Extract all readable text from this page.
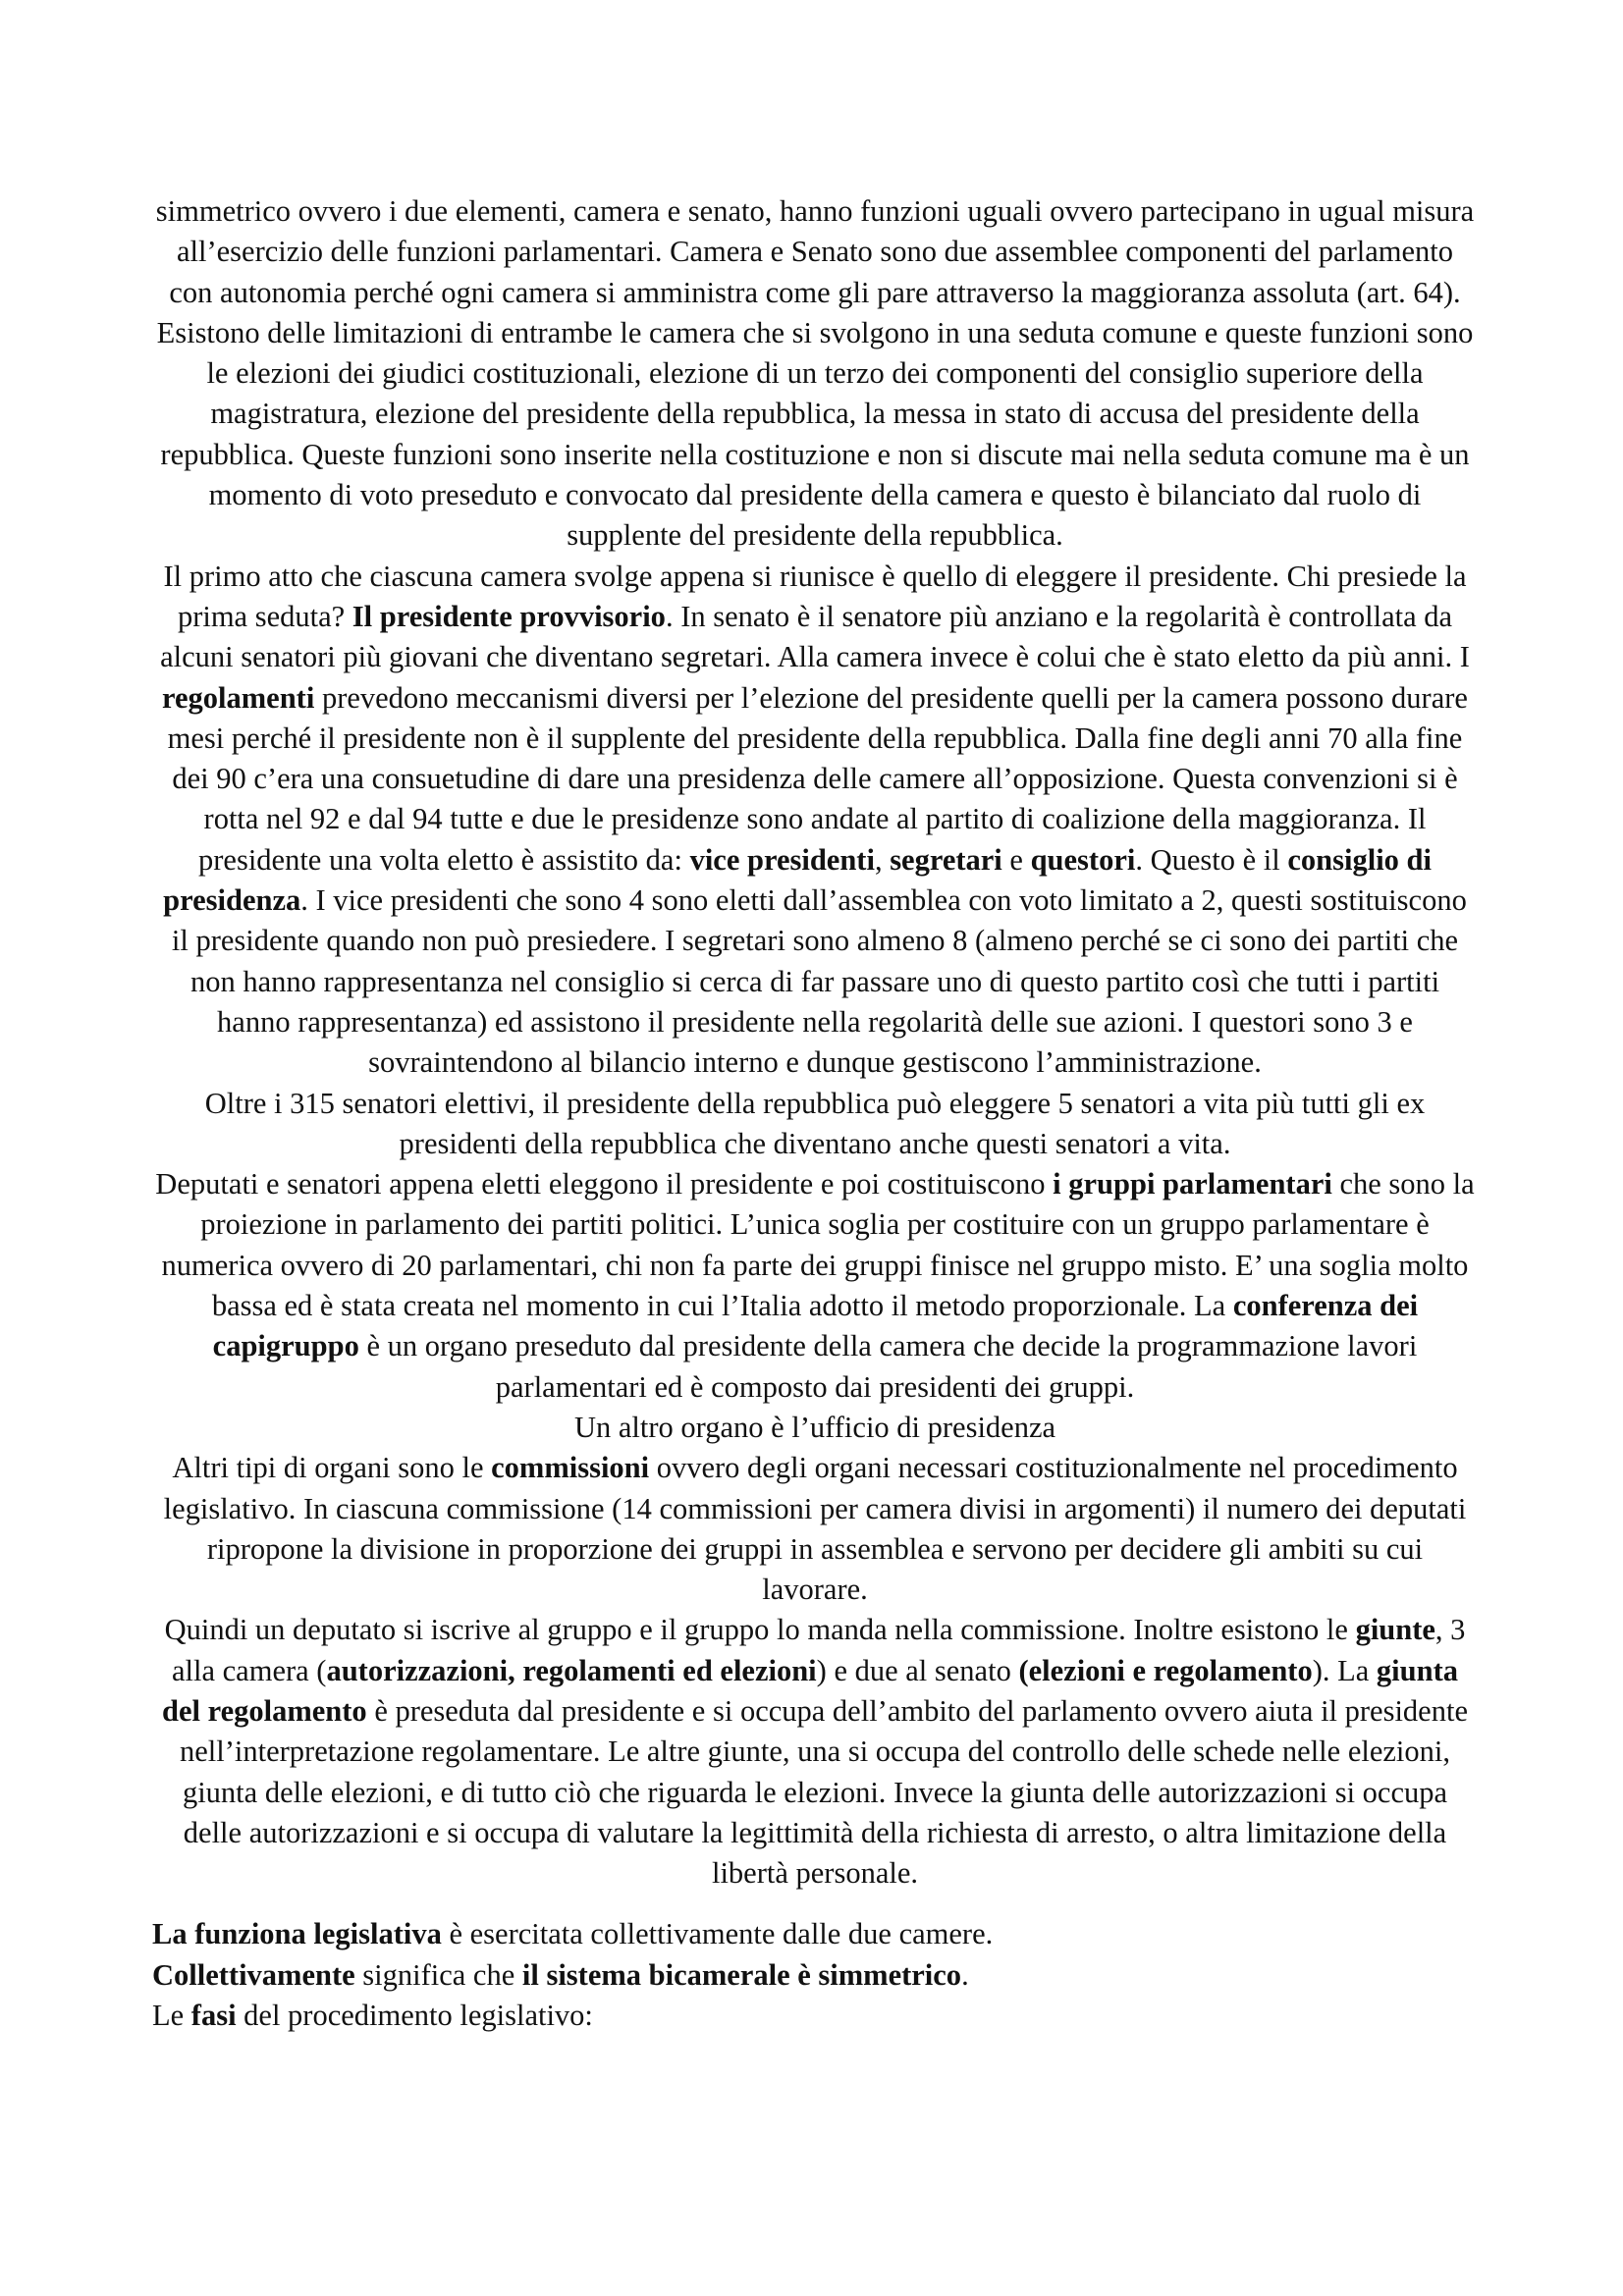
simmetrico ovvero i due elementi, camera e senato, hanno funzioni uguali ovvero partecipano in ugual misura all’esercizio delle funzioni parlamentari. Camera e Senato sono due assemblee componenti del parlamento con autonomia perché ogni camera si amministra come gli pare attraverso la maggioranza assoluta (art. 64). Esistono delle limitazioni di entrambe le camera che si svolgono in una seduta comune e queste funzioni sono le elezioni dei giudici costituzionali, elezione di un terzo dei componenti del consiglio superiore della magistratura, elezione del presidente della repubblica, la messa in stato di accusa del presidente della repubblica. Queste funzioni sono inserite nella costituzione e non si discute mai nella seduta comune ma è un momento di voto preseduto e convocato dal presidente della camera e questo è bilanciato dal ruolo di supplente del presidente della repubblica.

Il primo atto che ciascuna camera svolge appena si riunisce è quello di eleggere il presidente. Chi presiede la prima seduta? Il presidente provvisorio. In senato è il senatore più anziano e la regolarità è controllata da alcuni senatori più giovani che diventano segretari. Alla camera invece è colui che è stato eletto da più anni. I regolamenti prevedono meccanismi diversi per l’elezione del presidente quelli per la camera possono durare mesi perché il presidente non è il supplente del presidente della repubblica. Dalla fine degli anni 70 alla fine dei 90 c’era una consuetudine di dare una presidenza delle camere all’opposizione. Questa convenzioni si è rotta nel 92 e dal 94 tutte e due le presidenze sono andate al partito di coalizione della maggioranza. Il presidente una volta eletto è assistito da: vice presidenti, segretari e questori. Questo è il consiglio di presidenza. I vice presidenti che sono 4 sono eletti dall’assemblea con voto limitato a 2, questi sostituiscono il presidente quando non può presiedere. I segretari sono almeno 8 (almeno perché se ci sono dei partiti che non hanno rappresentanza nel consiglio si cerca di far passare uno di questo partito così che tutti i partiti hanno rappresentanza) ed assistono il presidente nella regolarità delle sue azioni. I questori sono 3 e sovraintendono al bilancio interno e dunque gestiscono l’amministrazione.

Oltre i 315 senatori elettivi, il presidente della repubblica può eleggere 5 senatori a vita più tutti gli ex presidenti della repubblica che diventano anche questi senatori a vita.

Deputati e senatori appena eletti eleggono il presidente e poi costituiscono i gruppi parlamentari che sono la proiezione in parlamento dei partiti politici. L’unica soglia per costituire con un gruppo parlamentare è numerica ovvero di 20 parlamentari, chi non fa parte dei gruppi finisce nel gruppo misto. E’ una soglia molto bassa ed è stata creata nel momento in cui l’Italia adotto il metodo proporzionale. La conferenza dei capigruppo è un organo preseduto dal presidente della camera che decide la programmazione lavori parlamentari ed è composto dai presidenti dei gruppi.

Un altro organo è l’ufficio di presidenza

Altri tipi di organi sono le commissioni ovvero degli organi necessari costituzionalmente nel procedimento legislativo. In ciascuna commissione (14 commissioni per camera divisi in argomenti) il numero dei deputati ripropone la divisione in proporzione dei gruppi in assemblea e servono per decidere gli ambiti su cui lavorare.

Quindi un deputato si iscrive al gruppo e il gruppo lo manda nella commissione. Inoltre esistono le giunte, 3 alla camera (autorizzazioni, regolamenti ed elezioni) e due al senato (elezioni e regolamento). La giunta del regolamento è preseduta dal presidente e si occupa dell’ambito del parlamento ovvero aiuta il presidente nell’interpretazione regolamentare. Le altre giunte, una si occupa del controllo delle schede nelle elezioni, giunta delle elezioni, e di tutto ciò che riguarda le elezioni. Invece la giunta delle autorizzazioni si occupa delle autorizzazioni e si occupa di valutare la legittimità della richiesta di arresto, o altra limitazione della libertà personale.

La funziona legislativa è esercitata collettivamente dalle due camere.

Collettivamente significa che il sistema bicamerale è simmetrico.

Le fasi del procedimento legislativo:
